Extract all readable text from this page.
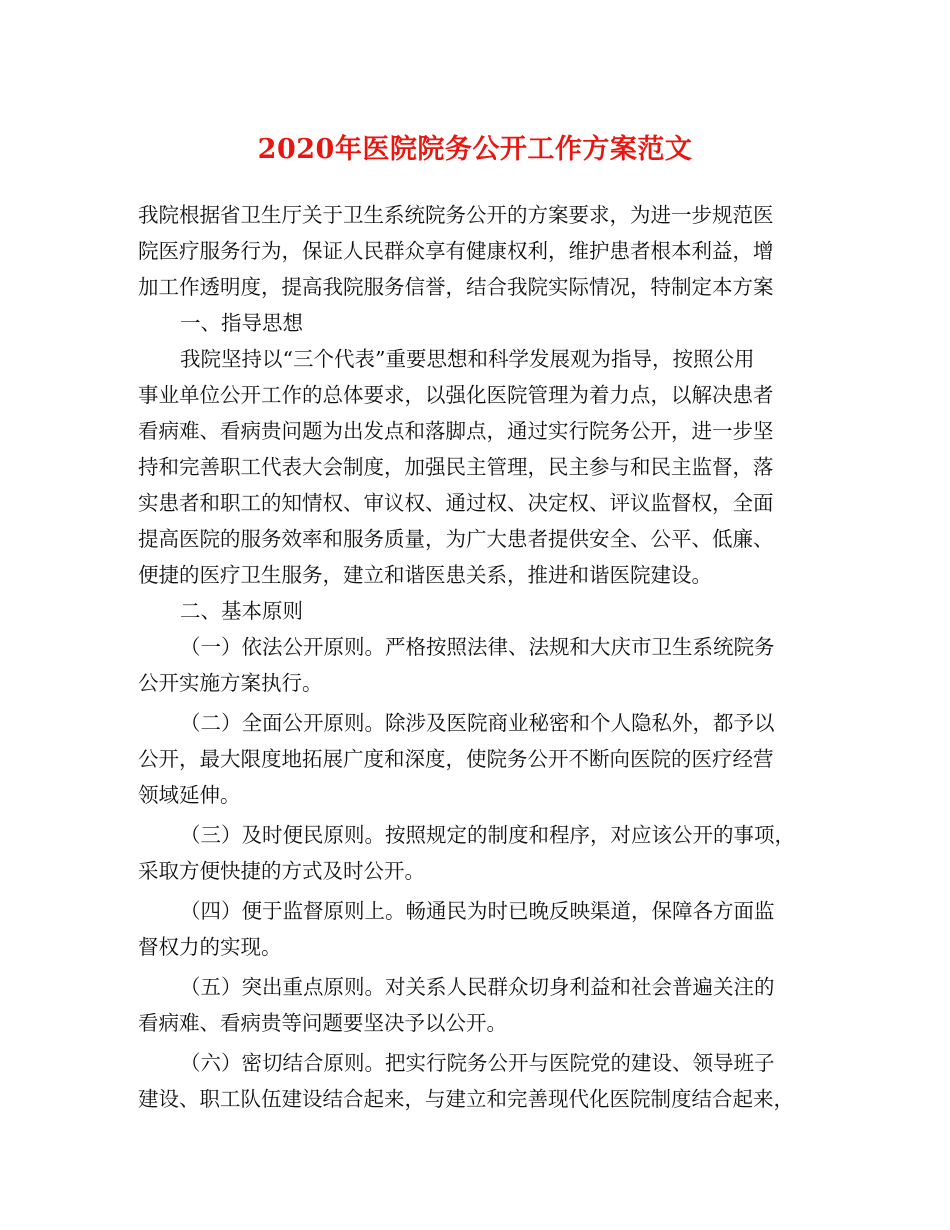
2020年医院院务公开工作方案范文
我院根据省卫生厅关于卫生系统院务公开的方案要求，为进一步规范医
院医疗服务行为，保证人民群众享有健康权利，维护患者根本利益，增
加工作透明度，提高我院服务信誉，结合我院实际情况，特制定本方案
一、指导思想
我院坚持以“三个代表”重要思想和科学发展观为指导，按照公用
事业单位公开工作的总体要求，以强化医院管理为着力点，以解决患者
看病难、看病贵问题为出发点和落脚点，通过实行院务公开，进一步坚
持和完善职工代表大会制度，加强民主管理，民主参与和民主监督，落
实患者和职工的知情权、审议权、通过权、决定权、评议监督权，全面
提高医院的服务效率和服务质量，为广大患者提供安全、公平、低廉、
便捷的医疗卫生服务，建立和谐医患关系，推进和谐医院建设。
二、基本原则
（一）依法公开原则。严格按照法律、法规和大庆市卫生系统院务
公开实施方案执行。
（二）全面公开原则。除涉及医院商业秘密和个人隐私外，都予以
公开，最大限度地拓展广度和深度，使院务公开不断向医院的医疗经营
领域延伸。
（三）及时便民原则。按照规定的制度和程序，对应该公开的事项，
采取方便快捷的方式及时公开。
（四）便于监督原则上。畅通民为时已晚反映渠道，保障各方面监
督权力的实现。
（五）突出重点原则。对关系人民群众切身利益和社会普遍关注的
看病难、看病贵等问题要坚决予以公开。
（六）密切结合原则。把实行院务公开与医院党的建设、领导班子
建设、职工队伍建设结合起来，与建立和完善现代化医院制度结合起来，
